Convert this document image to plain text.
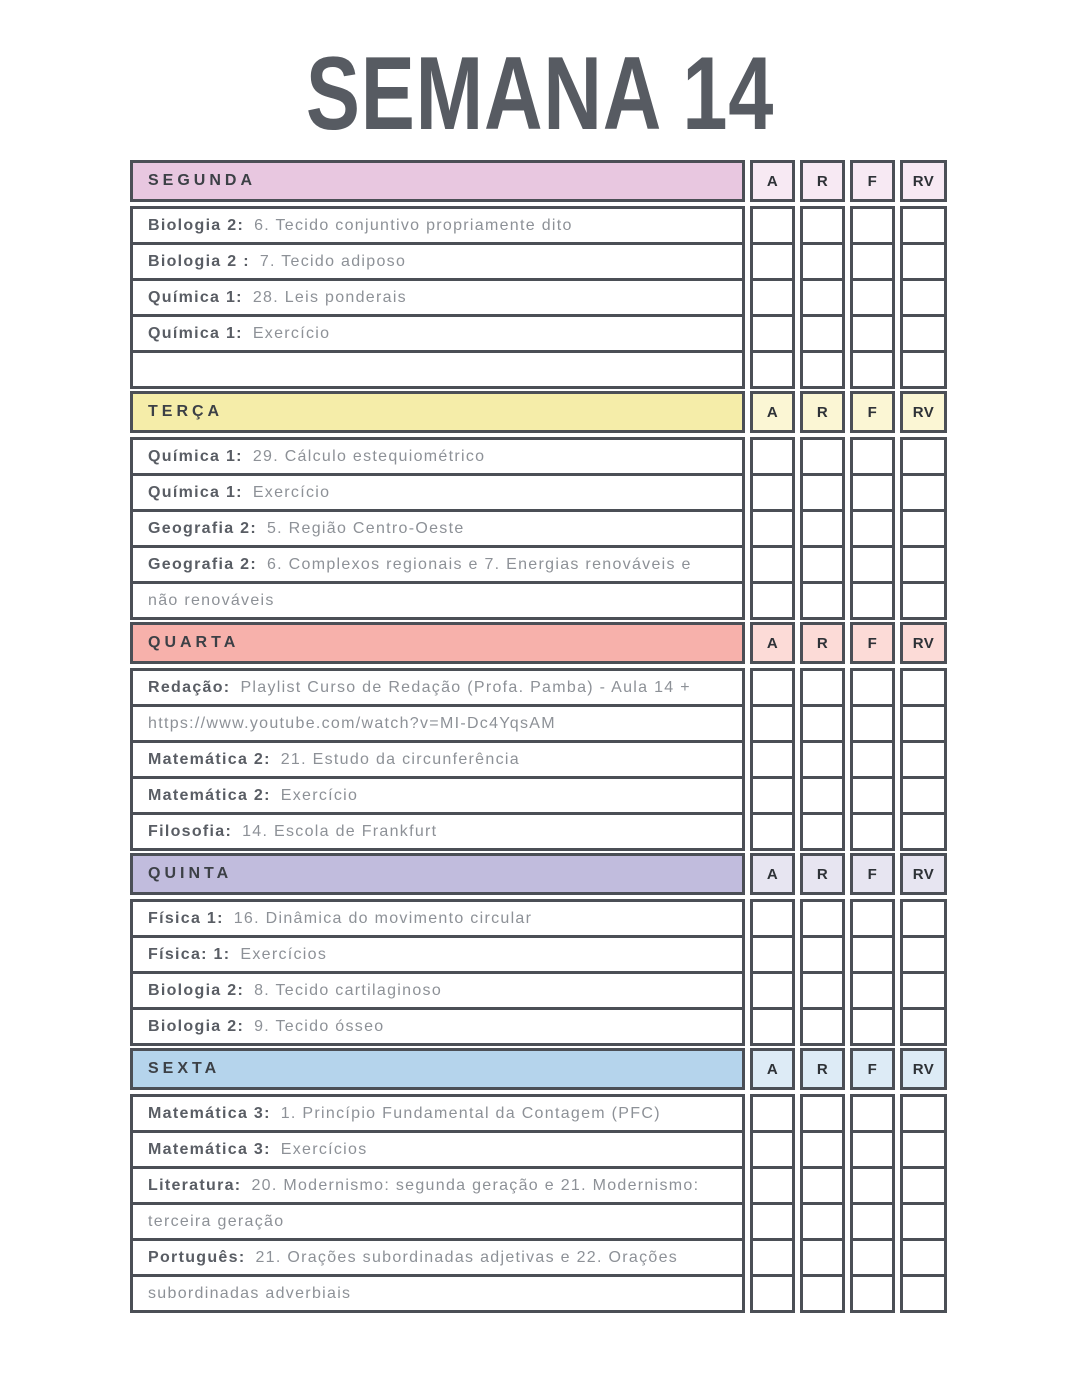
SEMANA 14
SEGUNDA	A	R	F RV
Biologia 2: 6. Tecido conjuntivo propriamente dito
Biologia 2 : 7. Tecido adiposo
Química 1: 28. Leis ponderais
Química 1: Exercício
TERÇA	A	R	F RV
Química 1: 29. Cálculo estequiométrico
Química 1: Exercício
Geografia 2: 5. Região Centro-Oeste
Geografia 2: 6. Complexos regionais e 7. Energias renováveis e
não renováveis
QUARTA	A	R	F RV
Redação: Playlist Curso de Redação (Profa. Pamba) - Aula 14 +
https://www.youtube.com/watch?v=MI-Dc4YqsAM
Matemática 2: 21. Estudo da circunferência
Matemática 2: Exercício
Filosofia: 14. Escola de Frankfurt
QUINTA	A	R	F RV
Física 1: 16. Dinâmica do movimento circular
Física: 1: Exercícios
Biologia 2: 8. Tecido cartilaginoso
Biologia 2: 9. Tecido ósseo
SEXTA	A	R	F RV
Matemática 3: 1. Princípio Fundamental da Contagem (PFC)
Matemática 3: Exercícios
Literatura: 20. Modernismo: segunda geração e 21. Modernismo:
terceira geração
Português: 21. Orações subordinadas adjetivas e 22. Orações
subordinadas adverbiais
